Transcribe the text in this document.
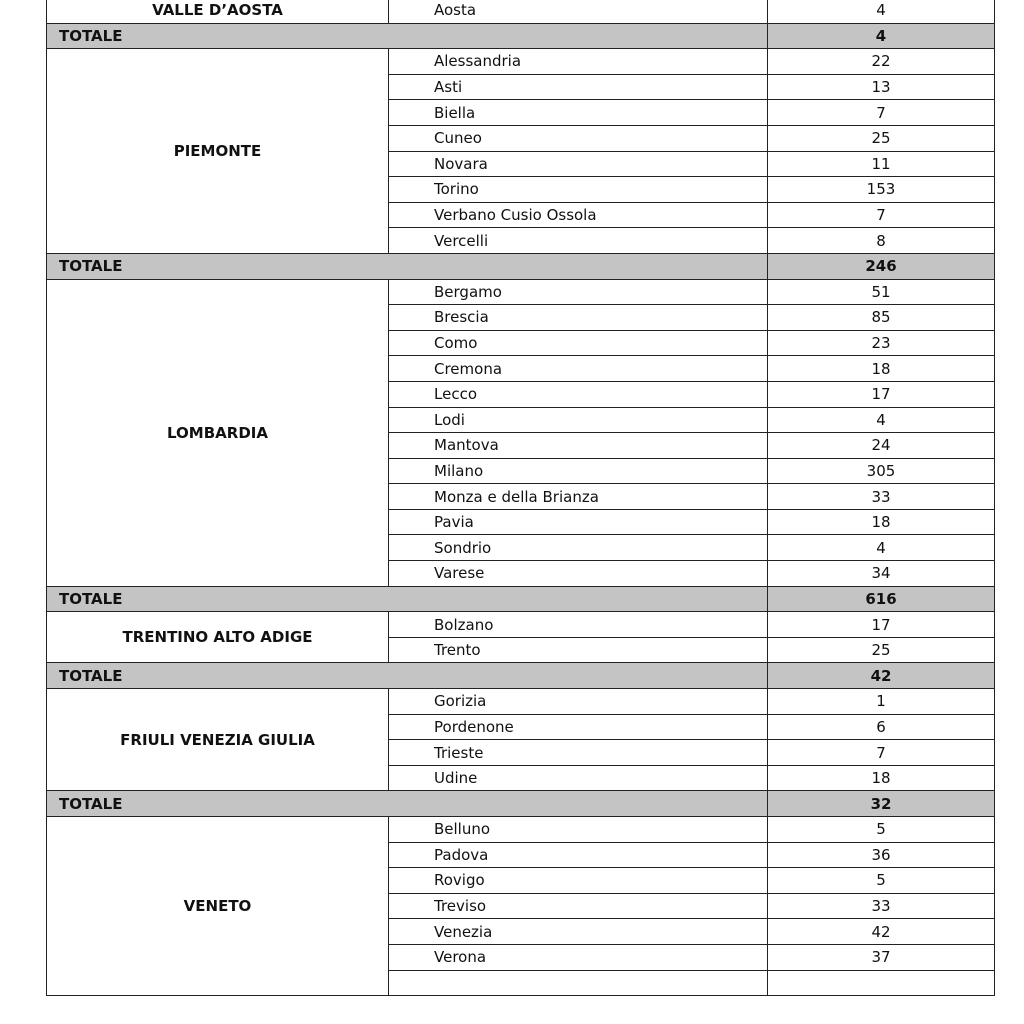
VALLE D’AOSTA	Aosta	4
TOTALE		4
PIEMONTE	Alessandria	22
	Asti	13
	Biella	7
	Cuneo	25
	Novara	11
	Torino	153
	Verbano Cusio Ossola	7
	Vercelli	8
TOTALE		246
LOMBARDIA	Bergamo	51
	Brescia	85
	Como	23
	Cremona	18
	Lecco	17
	Lodi	4
	Mantova	24
	Milano	305
	Monza e della Brianza	33
	Pavia	18
	Sondrio	4
	Varese	34
TOTALE		616
TRENTINO ALTO ADIGE	Bolzano	17
	Trento	25
TOTALE		42
FRIULI VENEZIA GIULIA	Gorizia	1
	Pordenone	6
	Trieste	7
	Udine	18
TOTALE		32
VENETO	Belluno	5
	Padova	36
	Rovigo	5
	Treviso	33
	Venezia	42
	Verona	37
